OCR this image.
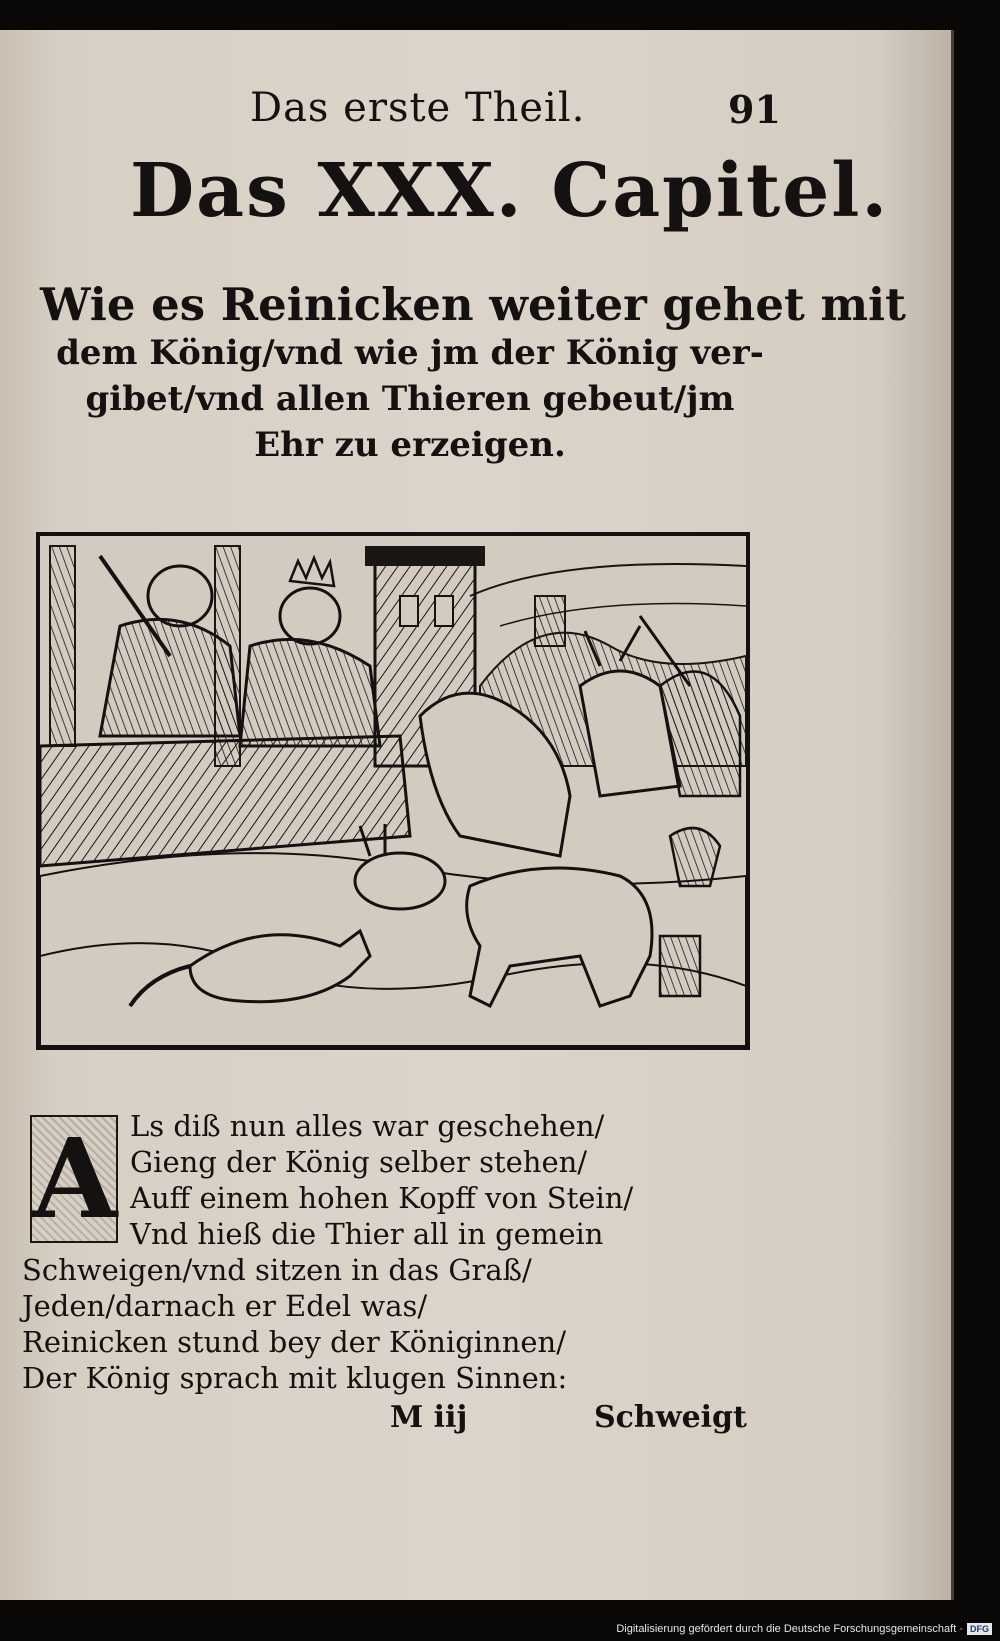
Das erste Theil.	91
Das XXX. Capitel.
Wie es Reinicken weiter gehet mit
dem König/vnd wie jm der König ver-
gibet/vnd allen Thieren gebeut/jm
Ehr zu erzeigen.
A Ls diß nun alles war geschehen/
Gieng der König selber stehen/
Auff einem hohen Kopff von Stein/
Vnd hieß die Thier all in gemein
Schweigen/vnd sitzen in das Graß/
Jeden/darnach er Edel was/
Reinicken stund bey der Königinnen/
Der König sprach mit klugen Sinnen:
M iij	Schweigt
Digitalisierung gefördert durch die Deutsche Forschungsgemeinschaft · DFG
